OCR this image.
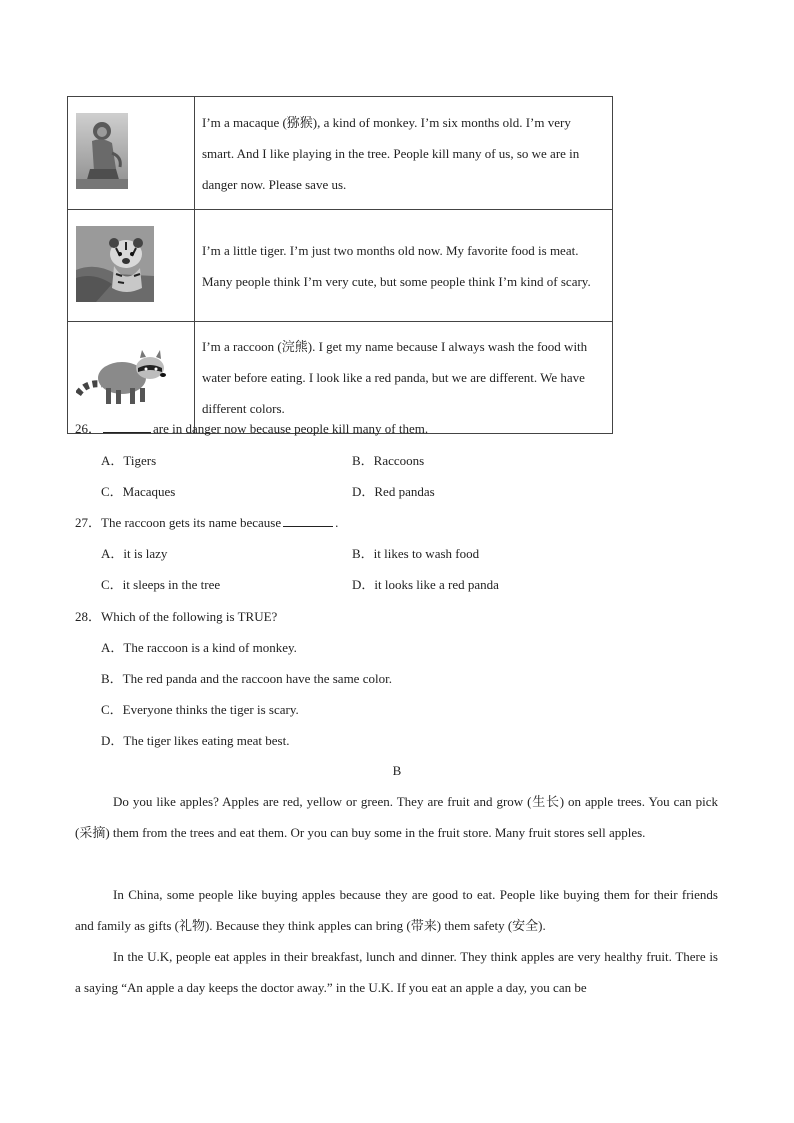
	I’m a macaque (猕猴), a kind of monkey. I’m six months old. I’m very smart. And I like playing in the tree. People kill many of us, so we are in danger now. Please save us.

	I’m a little tiger. I’m just two months old now. My favorite food is meat. Many people think I’m very cute, but some people think I’m kind of scary.

	I’m a raccoon (浣熊). I get my name because I always wash the food with water before eating. I look like a red panda, but we are different. We have different colors.
26．	are in danger now because people kill many of them.
A．Tigers	B．Raccoons
C．Macaques	D．Red pandas
27．The raccoon gets its name because	.
A．it is lazy	B．it likes to wash food
C．it sleeps in the tree	D．it looks like a red panda
28．Which of the following is TRUE?
A．The raccoon is a kind of monkey.
B．The red panda and the raccoon have the same color.
C．Everyone thinks the tiger is scary.
D．The tiger likes eating meat best.
B

Do you like apples? Apples are red, yellow or green. They are fruit and grow (生长) on apple trees. You can pick (采摘) them from the trees and eat them. Or you can buy some in the fruit store. Many fruit stores sell apples.

In China, some people like buying apples because they are good to eat. People like buying them for their friends and family as gifts (礼物). Because they think apples can bring (带来) them safety (安全).

In the U.K, people eat apples in their breakfast, lunch and dinner. They think apples are very healthy fruit. There is a saying “An apple a day keeps the doctor away.” in the U.K. If you eat an apple a day, you can be
